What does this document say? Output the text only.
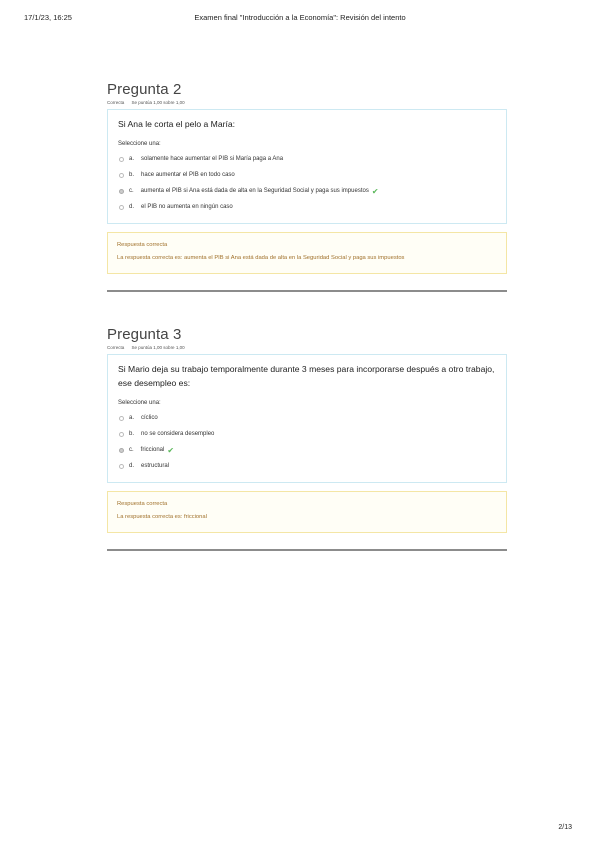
17/1/23, 16:25	Examen final "Introducción a la Economía": Revisión del intento
Pregunta 2
Correcta Se puntúa 1,00 sobre 1,00
Si Ana le corta el pelo a María:
Seleccione una:
a. solamente hace aumentar el PIB si María paga a Ana
b. hace aumentar el PIB en todo caso
c. aumenta el PIB si Ana está dada de alta en la Seguridad Social y paga sus impuestos ✔
d. el PIB no aumenta en ningún caso
Respuesta correcta
La respuesta correcta es: aumenta el PIB si Ana está dada de alta en la Seguridad Social y paga sus impuestos
Pregunta 3
Correcta Se puntúa 1,00 sobre 1,00
Si Mario deja su trabajo temporalmente durante 3 meses para incorporarse después a otro trabajo, ese desempleo es:
Seleccione una:
a. cíclico
b. no se considera desempleo
c. friccional ✔
d. estructural
Respuesta correcta
La respuesta correcta es: friccional
2/13
